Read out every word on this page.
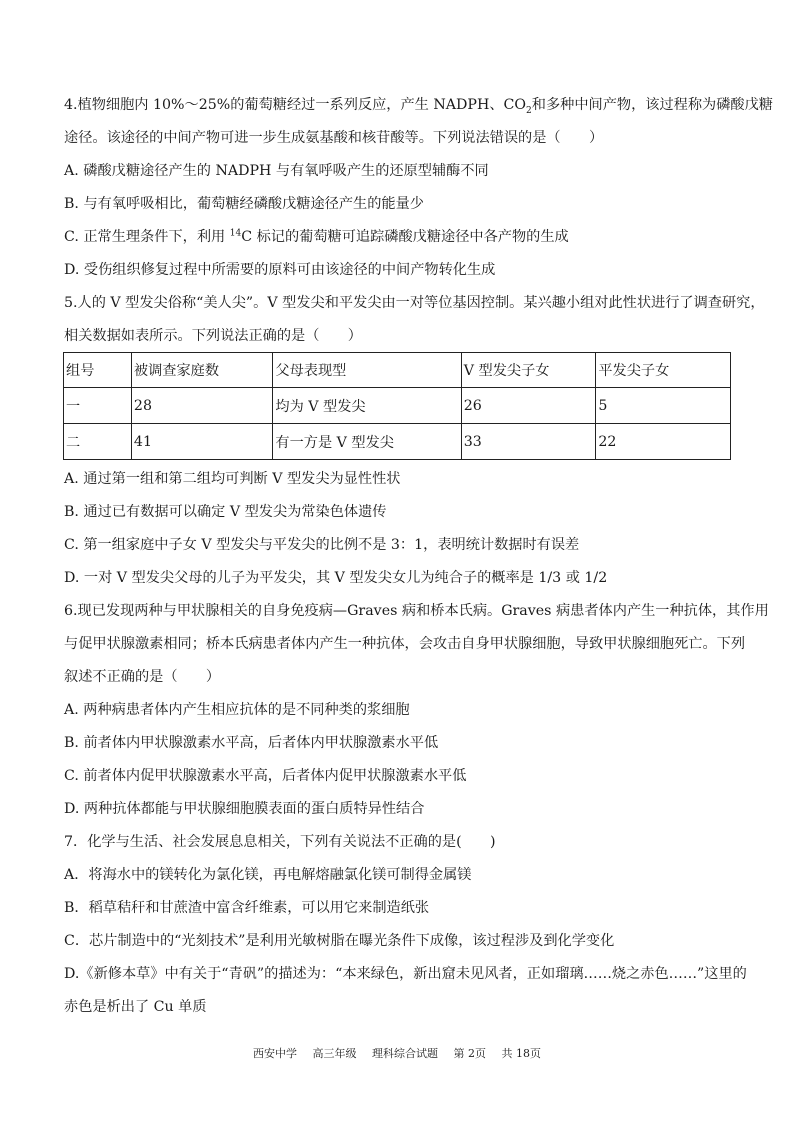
4.植物细胞内 10%～25%的葡萄糖经过一系列反应，产生 NADPH、$CO_2$和多种中间产物，该过程称为磷酸戊糖
途径。该途径的中间产物可进一步生成氨基酸和核苷酸等。下列说法错误的是（　　）
A. 磷酸戊糖途径产生的 NADPH 与有氧呼吸产生的还原型辅酶不同
B. 与有氧呼吸相比，葡萄糖经磷酸戊糖途径产生的能量少
C. 正常生理条件下，利用 $^{14}$C 标记的葡萄糖可追踪磷酸戊糖途径中各产物的生成
D. 受伤组织修复过程中所需要的原料可由该途径的中间产物转化生成
5.人的 V 型发尖俗称“美人尖”。V 型发尖和平发尖由一对等位基因控制。某兴趣小组对此性状进行了调查研究，
相关数据如表所示。下列说法正确的是（　　）
组号	被调查家庭数	父母表现型	V 型发尖子女	平发尖子女
一	28	均为 V 型发尖	26	5
二	41	有一方是 V 型发尖	33	22
A. 通过第一组和第二组均可判断 V 型发尖为显性性状
B. 通过已有数据可以确定 V 型发尖为常染色体遗传
C. 第一组家庭中子女 V 型发尖与平发尖的比例不是 3：1，表明统计数据时有误差
D. 一对 V 型发尖父母的儿子为平发尖，其 V 型发尖女儿为纯合子的概率是 1/3 或 1/2
6.现已发现两种与甲状腺相关的自身免疫病—Graves 病和桥本氏病。Graves 病患者体内产生一种抗体，其作用
与促甲状腺激素相同；桥本氏病患者体内产生一种抗体，会攻击自身甲状腺细胞，导致甲状腺细胞死亡。下列
叙述不正确的是（　　）
A. 两种病患者体内产生相应抗体的是不同种类的浆细胞
B. 前者体内甲状腺激素水平高，后者体内甲状腺激素水平低
C. 前者体内促甲状腺激素水平高，后者体内促甲状腺激素水平低
D. 两种抗体都能与甲状腺细胞膜表面的蛋白质特异性结合
7．化学与生活、社会发展息息相关，下列有关说法不正确的是(　　)
A．将海水中的镁转化为氯化镁，再电解熔融氯化镁可制得金属镁
B．稻草秸秆和甘蔗渣中富含纤维素，可以用它来制造纸张
C．芯片制造中的“光刻技术”是利用光敏树脂在曝光条件下成像，该过程涉及到化学变化
D.《新修本草》中有关于“青矾”的描述为：“本来绿色，新出窟未见风者，正如瑠璃……烧之赤色……”这里的
赤色是析出了 Cu 单质
西安中学 高三年级 理科综合试题 第 2页 共 18页
